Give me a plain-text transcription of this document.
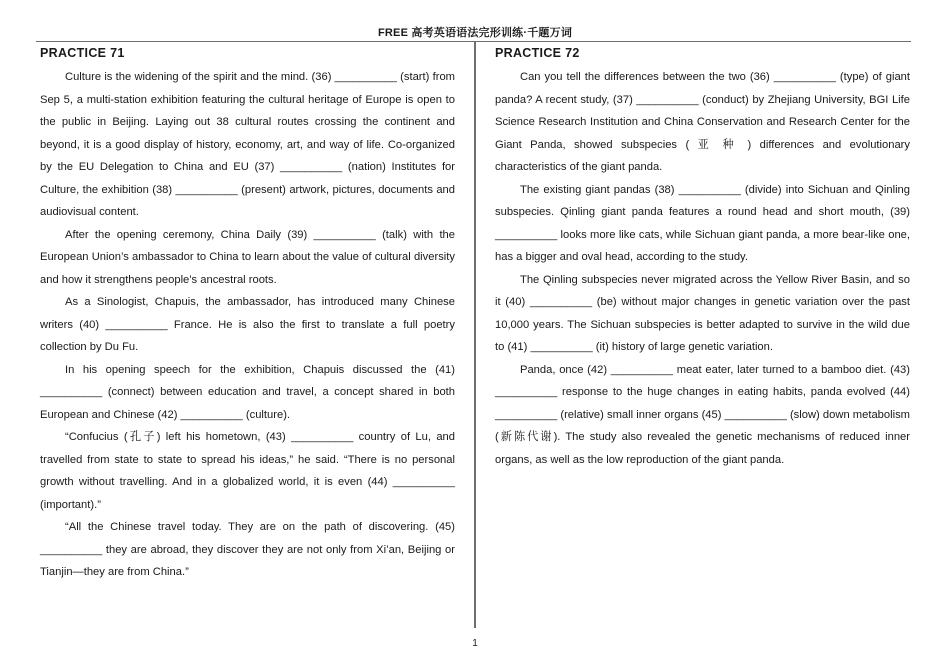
FREE 高考英语语法完形训练·千题万词
PRACTICE 71

Culture is the widening of the spirit and the mind. (36) __________ (start) from Sep 5, a multi-station exhibition featuring the cultural heritage of Europe is open to the public in Beijing. Laying out 38 cultural routes crossing the continent and beyond, it is a good display of history, economy, art, and way of life. Co-organized by the EU Delegation to China and EU (37) __________ (nation) Institutes for Culture, the exhibition (38) __________ (present) artwork, pictures, documents and audiovisual content.

After the opening ceremony, China Daily (39) __________ (talk) with the European Union’s ambassador to China to learn about the value of cultural diversity and how it strengthens people’s ancestral roots.

As a Sinologist, Chapuis, the ambassador, has introduced many Chinese writers (40) __________ France. He is also the first to translate a full poetry collection by Du Fu.

In his opening speech for the exhibition, Chapuis discussed the (41) __________ (connect) between education and travel, a concept shared in both European and Chinese (42) __________ (culture).

“Confucius (孔子) left his hometown, (43) __________ country of Lu, and travelled from state to state to spread his ideas,” he said. “There is no personal growth without travelling. And in a globalized world, it is even (44) __________ (important).”

“All the Chinese travel today. They are on the path of discovering. (45) __________ they are abroad, they discover they are not only from Xi’an, Beijing or Tianjin—they are from China.”

PRACTICE 72

Can you tell the differences between the two (36) __________ (type) of giant panda? A recent study, (37) __________ (conduct) by Zhejiang University, BGI Life Science Research Institution and China Conservation and Research Center for the Giant Panda, showed subspecies ( 亚 种 ) differences and evolutionary characteristics of the giant panda.

The existing giant pandas (38) __________ (divide) into Sichuan and Qinling subspecies. Qinling giant panda features a round head and short mouth, (39) __________ looks more like cats, while Sichuan giant panda, a more bear-like one, has a bigger and oval head, according to the study.

The Qinling subspecies never migrated across the Yellow River Basin, and so it (40) __________ (be) without major changes in genetic variation over the past 10,000 years. The Sichuan subspecies is better adapted to survive in the wild due to (41) __________ (it) history of large genetic variation.

Panda, once (42) __________ meat eater, later turned to a bamboo diet. (43) __________ response to the huge changes in eating habits, panda evolved (44) __________ (relative) small inner organs (45) __________ (slow) down metabolism (新陈代谢). The study also revealed the genetic mechanisms of reduced inner organs, as well as the low reproduction of the giant panda.

1
